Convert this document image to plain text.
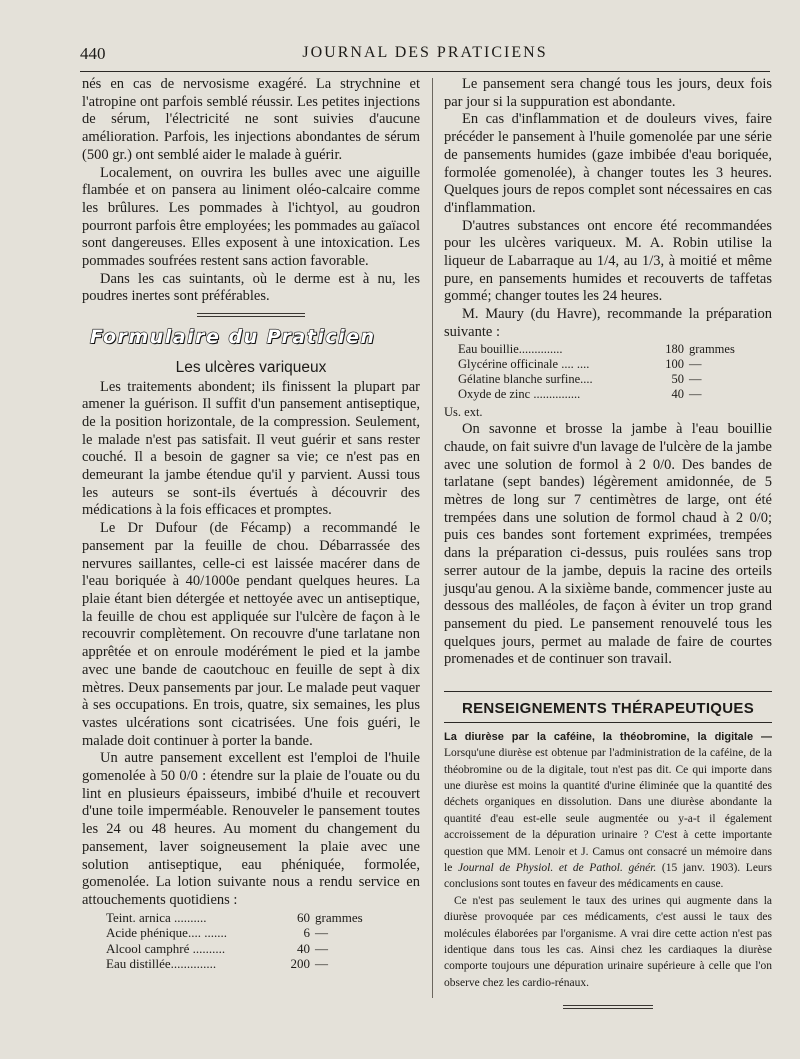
440	JOURNAL DES PRATICIENS

nés en cas de nervosisme exagéré. La strychnine et l'atropine ont parfois semblé réussir. Les petites injections de sérum, l'électricité ne sont suivies d'aucune amélioration. Parfois, les injections abondantes de sérum (500 gr.) ont semblé aider le malade à guérir.

Localement, on ouvrira les bulles avec une aiguille flambée et on pansera au liniment oléo-calcaire comme les brûlures. Les pommades à l'ichtyol, au goudron pourront parfois être employées; les pommades au gaïacol sont dangereuses. Elles exposent à une intoxication. Les pommades soufrées restent sans action favorable.

Dans les cas suintants, où le derme est à nu, les poudres inertes sont préférables.

Formulaire du Praticien
Les ulcères variqueux

Les traitements abondent; ils finissent la plupart par amener la guérison. Il suffit d'un pansement antiseptique, de la position horizontale, de la compression. Seulement, le malade n'est pas satisfait. Il veut guérir et sans rester couché. Il a besoin de gagner sa vie; ce n'est pas en demeurant la jambe étendue qu'il y parvient. Aussi tous les auteurs se sont-ils évertués à découvrir des médications à la fois efficaces et promptes.

Le Dr Dufour (de Fécamp) a recommandé le pansement par la feuille de chou. Débarrassée des nervures saillantes, celle-ci est laissée macérer dans de l'eau boriquée à 40/1000e pendant quelques heures. La plaie étant bien détergée et nettoyée avec un antiseptique, la feuille de chou est appliquée sur l'ulcère de façon à le recouvrir complètement. On recouvre d'une tarlatane non apprêtée et on enroule modérément le pied et la jambe avec une bande de caoutchouc en feuille de sept à dix mètres. Deux pansements par jour. Le malade peut vaquer à ses occupations. En trois, quatre, six semaines, les plus vastes ulcérations sont cicatrisées. Une fois guéri, le malade doit continuer à porter la bande.

Un autre pansement excellent est l'emploi de l'huile gomenolée à 50 0/0 : étendre sur la plaie de l'ouate ou du lint en plusieurs épaisseurs, imbibé d'huile et recouvert d'une toile imperméable. Renouveler le pansement toutes les 24 ou 48 heures. Au moment du changement du pansement, laver soigneusement la plaie avec une solution antiseptique, eau phéniquée, formolée, gomenolée. La lotion suivante nous a rendu service en attouchements quotidiens :

Teint. arnica ..........	60	grammes
Acide phénique.... .......	6	—
Alcool camphré ..........	40	—
Eau distillée..............	200	—

Le pansement sera changé tous les jours, deux fois par jour si la suppuration est abondante.

En cas d'inflammation et de douleurs vives, faire précéder le pansement à l'huile gomenolée par une série de pansements humides (gaze imbibée d'eau boriquée, formolée gomenolée), à changer toutes les 3 heures. Quelques jours de repos complet sont nécessaires en cas d'inflammation.

D'autres substances ont encore été recommandées pour les ulcères variqueux. M. A. Robin utilise la liqueur de Labarraque au 1/4, au 1/3, à moitié et même pure, en pansements humides et recouverts de taffetas gommé; changer toutes les 24 heures.

M. Maury (du Havre), recommande la préparation suivante :

Eau bouillie..............	180	grammes
Glycérine officinale .... ....	100	—
Gélatine blanche surfine....	50	—
Oxyde de zinc ...............	40	—
Us. ext.

On savonne et brosse la jambe à l'eau bouillie chaude, on fait suivre d'un lavage de l'ulcère de la jambe avec une solution de formol à 2 0/0. Des bandes de tarlatane (sept bandes) légèrement amidonnée, de 5 mètres de long sur 7 centimètres de large, ont été trempées dans une solution de formol chaud à 2 0/0; puis ces bandes sont fortement exprimées, trempées dans la préparation ci-dessus, puis roulées sans trop serrer autour de la jambe, depuis la racine des orteils jusqu'au genou. A la sixième bande, commencer juste au dessous des malléoles, de façon à éviter un trop grand pansement du pied. Le pansement renouvelé tous les quelques jours, permet au malade de faire de courtes promenades et de continuer son travail.

RENSEIGNEMENTS THÉRAPEUTIQUES

La diurèse par la caféine, la théobromine, la digitale — Lorsqu'une diurèse est obtenue par l'administration de la caféine, de la théobromine ou de la digitale, tout n'est pas dit. Ce qui importe dans une diurèse est moins la quantité d'urine éliminée que la quantité des déchets organiques en dissolution. Dans une diurèse abondante la quantité d'eau est-elle seule augmentée ou y-a-t il également accroissement de la dépuration urinaire ? C'est à cette importante question que MM. Lenoir et J. Camus ont consacré un mémoire dans le Journal de Physiol. et de Pathol. génér. (15 janv. 1903). Leurs conclusions sont toutes en faveur des médicaments en cause.

Ce n'est pas seulement le taux des urines qui augmente dans la diurèse provoquée par ces médicaments, c'est aussi le taux des molécules élaborées par l'organisme. A vrai dire cette action n'est pas identique dans tous les cas. Ainsi chez les cardiaques la diurèse comporte toujours une dépuration urinaire supérieure à celle que l'on observe chez les cardio-rénaux.
